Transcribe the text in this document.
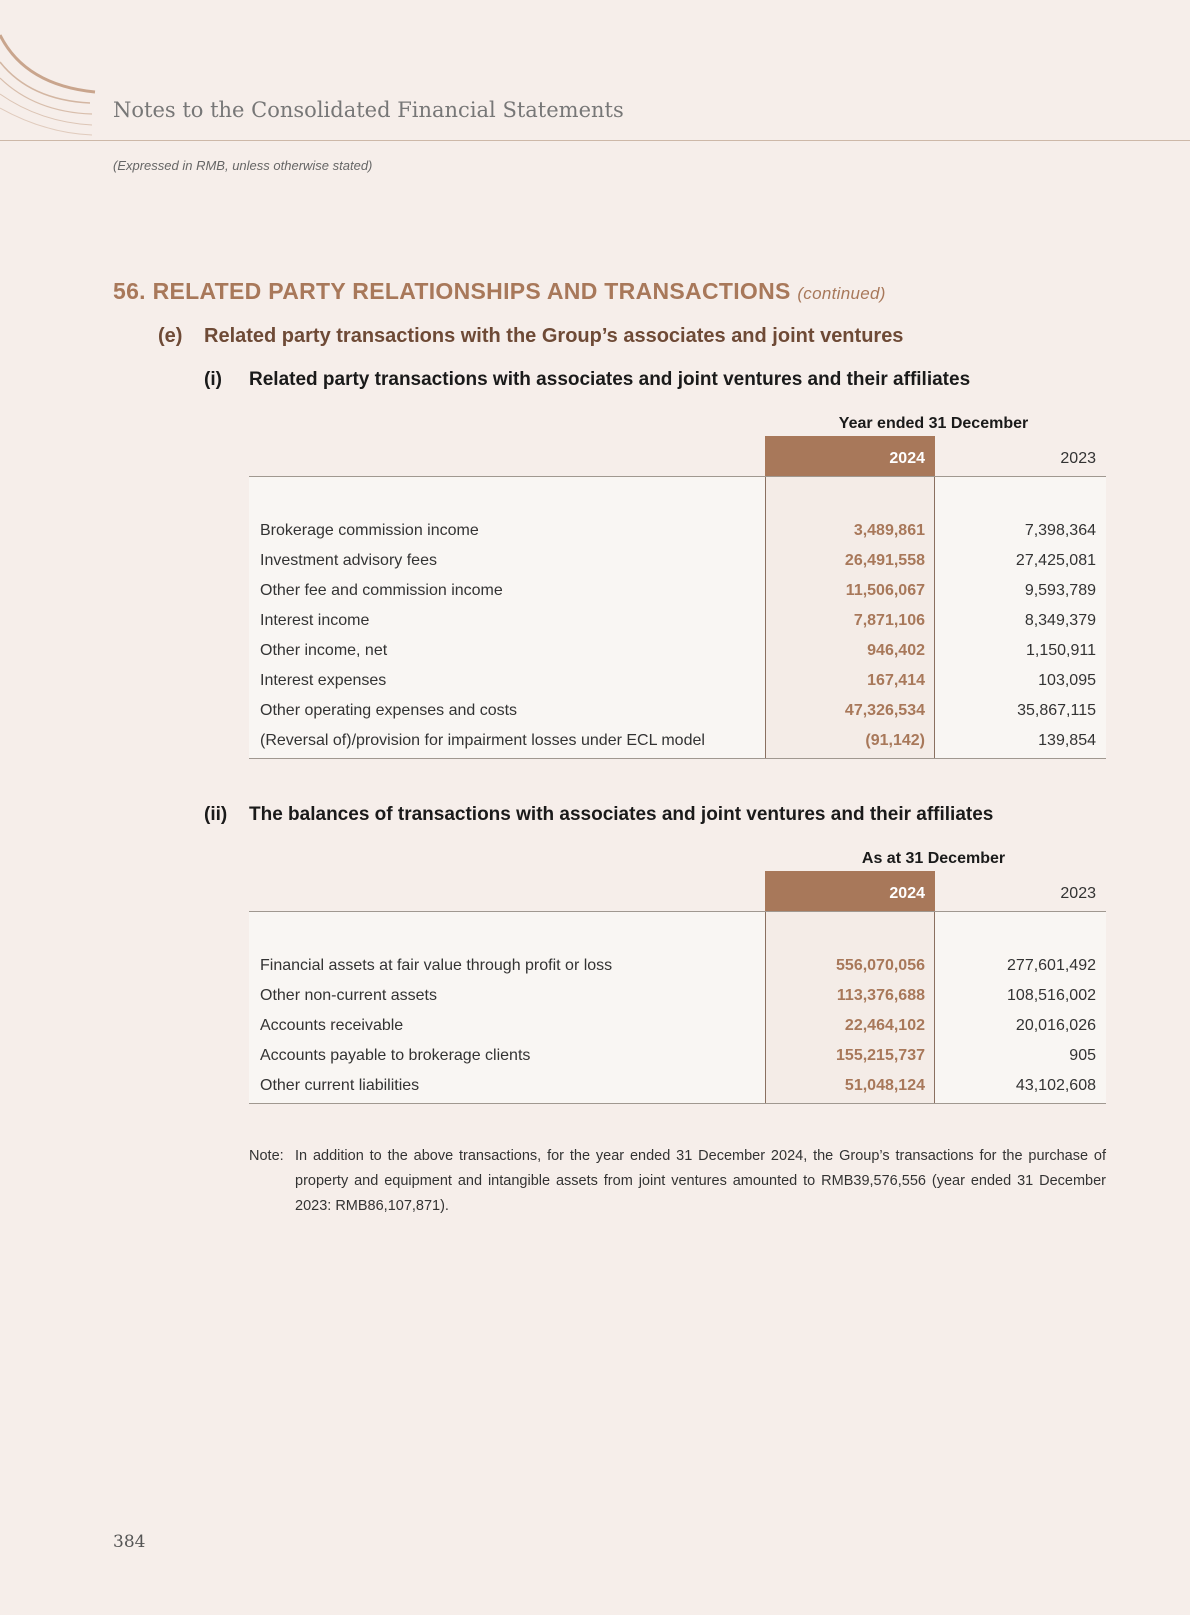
Notes to the Consolidated Financial Statements
(Expressed in RMB, unless otherwise stated)
56. RELATED PARTY RELATIONSHIPS AND TRANSACTIONS (continued)
(e) Related party transactions with the Group’s associates and joint ventures
(i) Related party transactions with associates and joint ventures and their affiliates
Year ended 31 December
2024	2023
Brokerage commission income	3,489,861	7,398,364
Investment advisory fees	26,491,558	27,425,081
Other fee and commission income	11,506,067	9,593,789
Interest income	7,871,106	8,349,379
Other income, net	946,402	1,150,911
Interest expenses	167,414	103,095
Other operating expenses and costs	47,326,534	35,867,115
(Reversal of)/provision for impairment losses under ECL model	(91,142)	139,854
(ii) The balances of transactions with associates and joint ventures and their affiliates
As at 31 December
2024	2023
Financial assets at fair value through profit or loss	556,070,056	277,601,492
Other non-current assets	113,376,688	108,516,002
Accounts receivable	22,464,102	20,016,026
Accounts payable to brokerage clients	155,215,737	905
Other current liabilities	51,048,124	43,102,608
Note: In addition to the above transactions, for the year ended 31 December 2024, the Group’s transactions for the purchase of property and equipment and intangible assets from joint ventures amounted to RMB39,576,556 (year ended 31 December 2023: RMB86,107,871).
384
